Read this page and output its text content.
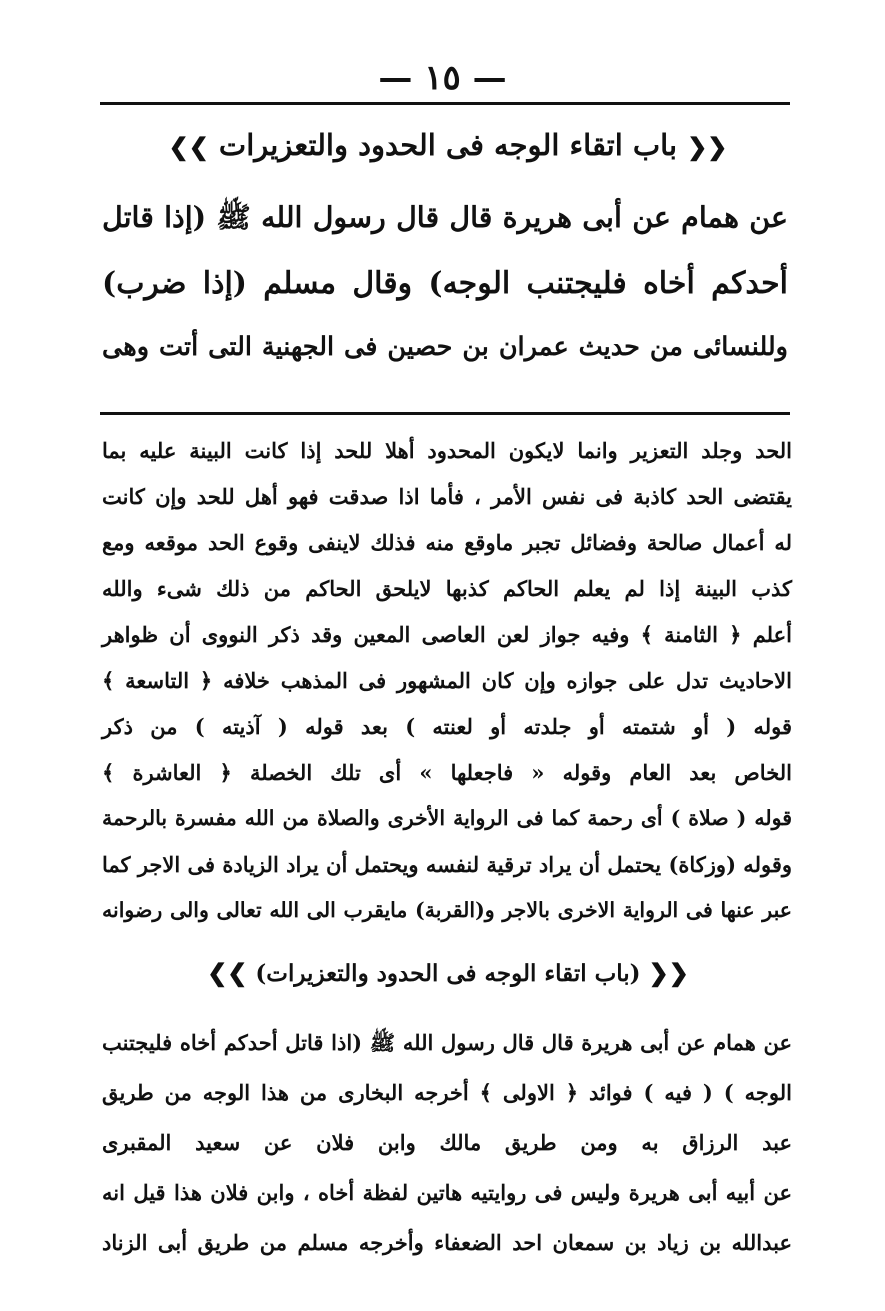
— ١٥ —
❮❮ باب اتقاء الوجه فى الحدود والتعزيرات ❯❯
عن همام عن أبى هريرة قال قال رسول الله ﷺ (إذا قاتل
أحدكم أخاه فليجتنب الوجه) وقال مسلم (إذا ضرب)
وللنسائى من حديث عمران بن حصين فى الجهنية التى أتت وهى
الحد وجلد التعزير وانما لايكون المحدود أهلا للحد إذا كانت البينة عليه بما
يقتضى الحد كاذبة فى نفس الأمر ، فأما اذا صدقت فهو أهل للحد وإن كانت
له أعمال صالحة وفضائل تجبر ماوقع منه فذلك لاينفى وقوع الحد موقعه ومع
كذب البينة إذا لم يعلم الحاكم كذبها لايلحق الحاكم من ذلك شىء والله
أعلم ﴿ الثامنة ﴾ وفيه جواز لعن العاصى المعين وقد ذكر النووى أن ظواهر
الاحاديث تدل على جوازه وإن كان المشهور فى المذهب خلافه ﴿ التاسعة ﴾
قوله ( أو شتمته أو جلدته أو لعنته ) بعد قوله ( آذيته ) من ذكر
الخاص بعد العام وقوله « فاجعلها » أى تلك الخصلة ﴿ العاشرة ﴾
قوله ( صلاة ) أى رحمة كما فى الرواية الأخرى والصلاة من الله مفسرة بالرحمة
وقوله (وزكاة) يحتمل أن يراد ترقية لنفسه ويحتمل أن يراد الزيادة فى الاجر كما
عبر عنها فى الرواية الاخرى بالاجر و(القربة) مايقرب الى الله تعالى والى رضوانه
❮❮ (باب اتقاء الوجه فى الحدود والتعزيرات) ❯❯
عن همام عن أبى هريرة قال قال رسول الله ﷺ (اذا قاتل أحدكم أخاه فليجتنب
الوجه ) ( فيه ) فوائد ﴿ الاولى ﴾ أخرجه البخارى من هذا الوجه من طريق
عبد الرزاق به ومن طريق مالك وابن فلان عن سعيد المقبرى
عن أبيه أبى هريرة وليس فى روايتيه هاتين لفظة أخاه ، وابن فلان هذا قيل انه
عبدالله بن زياد بن سمعان احد الضعفاء وأخرجه مسلم من طريق أبى الزناد
